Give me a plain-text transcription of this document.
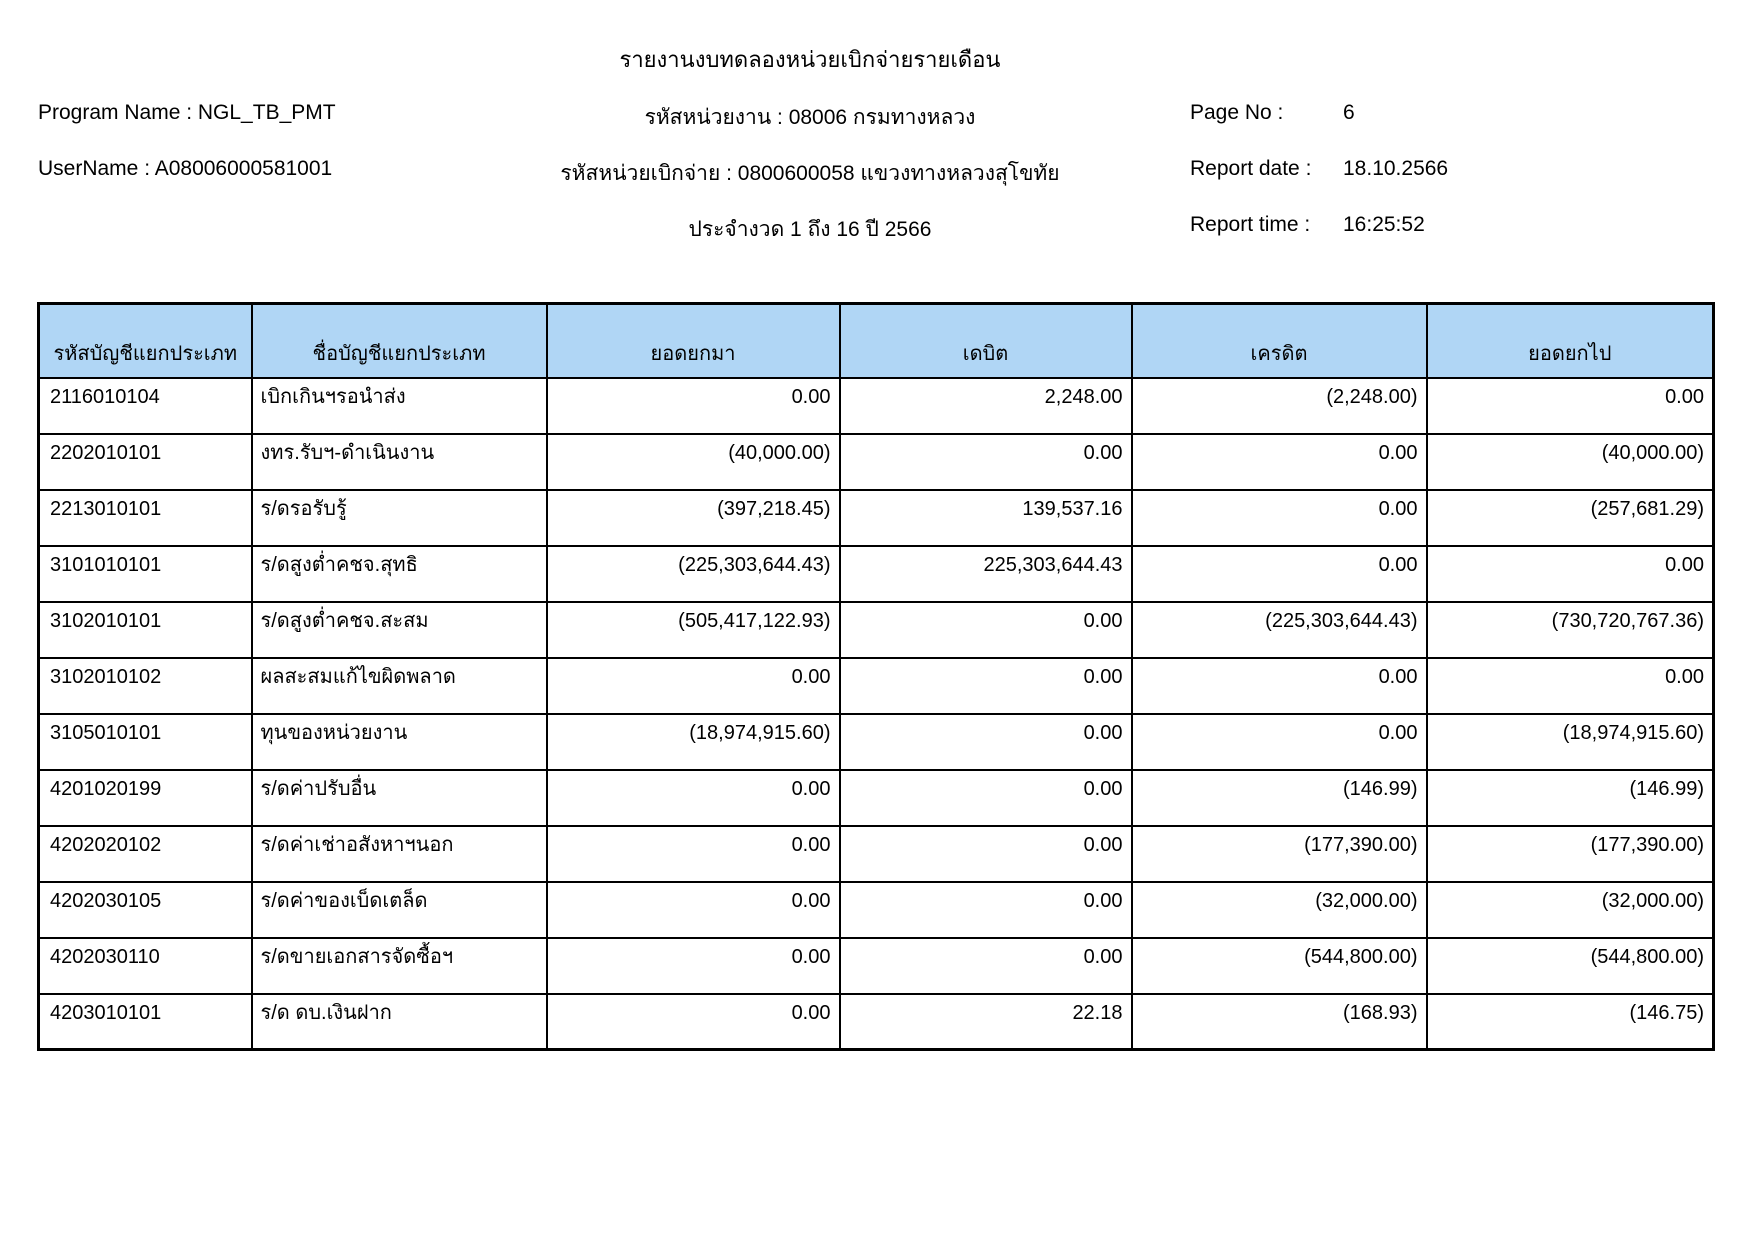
รายงานงบทดลองหน่วยเบิกจ่ายรายเดือน
Program Name : NGL_TB_PMT
UserName : A08006000581001
รหัสหน่วยงาน : 08006 กรมทางหลวง
รหัสหน่วยเบิกจ่าย : 0800600058 แขวงทางหลวงสุโขทัย
ประจำงวด 1 ถึง 16 ปี 2566
Page No :	6
Report date : 18.10.2566
Report time : 16:25:52
รหัสบัญชีแยกประเภท	ชื่อบัญชีแยกประเภท	ยอดยกมา	เดบิต	เครดิต	ยอดยกไป
2116010104	เบิกเกินฯรอนำส่ง	0.00	2,248.00	(2,248.00)	0.00
2202010101	งทร.รับฯ-ดำเนินงาน	(40,000.00)	0.00	0.00	(40,000.00)
2213010101	ร/ดรอรับรู้	(397,218.45)	139,537.16	0.00	(257,681.29)
3101010101	ร/ดสูงต่ำคชจ.สุทธิ	(225,303,644.43)	225,303,644.43	0.00	0.00
3102010101	ร/ดสูงต่ำคชจ.สะสม	(505,417,122.93)	0.00	(225,303,644.43)	(730,720,767.36)
3102010102	ผลสะสมแก้ไขผิดพลาด	0.00	0.00	0.00	0.00
3105010101	ทุนของหน่วยงาน	(18,974,915.60)	0.00	0.00	(18,974,915.60)
4201020199	ร/ดค่าปรับอื่น	0.00	0.00	(146.99)	(146.99)
4202020102	ร/ดค่าเช่าอสังหาฯนอก	0.00	0.00	(177,390.00)	(177,390.00)
4202030105	ร/ดค่าของเบ็ดเตล็ด	0.00	0.00	(32,000.00)	(32,000.00)
4202030110	ร/ดขายเอกสารจัดซื้อฯ	0.00	0.00	(544,800.00)	(544,800.00)
4203010101	ร/ด ดบ.เงินฝาก	0.00	22.18	(168.93)	(146.75)
